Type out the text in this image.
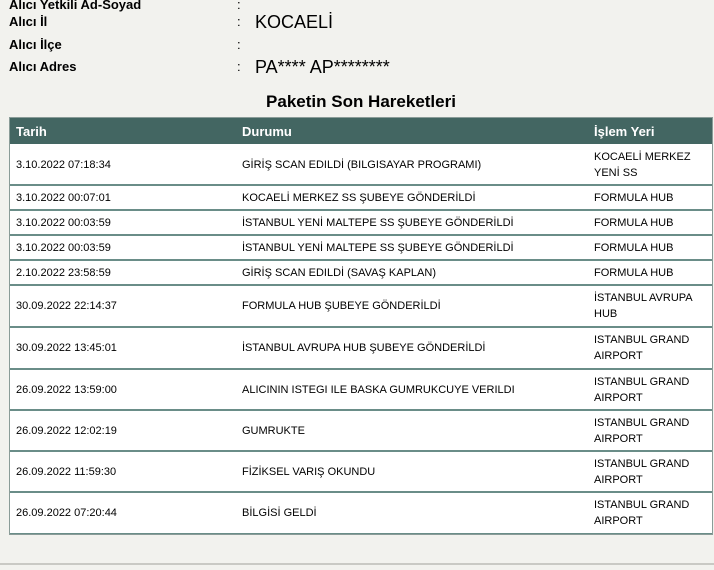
Alıcı Yetkili Ad-Soyad	:
Alıcı İl	: KOCAELİ
Alıcı İlçe	:
Alıcı Adres	: PA**** AP********
Paketin Son Hareketleri
Tarih	Durumu	İşlem Yeri
3.10.2022 07:18:34	GİRİŞ SCAN EDILDİ (BILGISAYAR PROGRAMI)	KOCAELİ MERKEZ YENİ SS
3.10.2022 00:07:01	KOCAELİ MERKEZ SS ŞUBEYE GÖNDERİLDİ	FORMULA HUB
3.10.2022 00:03:59	İSTANBUL YENİ MALTEPE SS ŞUBEYE GÖNDERİLDİ	FORMULA HUB
3.10.2022 00:03:59	İSTANBUL YENİ MALTEPE SS ŞUBEYE GÖNDERİLDİ	FORMULA HUB
2.10.2022 23:58:59	GİRİŞ SCAN EDILDİ (SAVAŞ KAPLAN)	FORMULA HUB
30.09.2022 22:14:37	FORMULA HUB ŞUBEYE GÖNDERİLDİ	İSTANBUL AVRUPA HUB
30.09.2022 13:45:01	İSTANBUL AVRUPA HUB ŞUBEYE GÖNDERİLDİ	ISTANBUL GRAND AIRPORT
26.09.2022 13:59:00	ALICININ ISTEGI ILE BASKA GUMRUKCUYE VERILDI	ISTANBUL GRAND AIRPORT
26.09.2022 12:02:19	GUMRUKTE	ISTANBUL GRAND AIRPORT
26.09.2022 11:59:30	FİZİKSEL VARIŞ OKUNDU	ISTANBUL GRAND AIRPORT
26.09.2022 07:20:44	BİLGİSİ GELDİ	ISTANBUL GRAND AIRPORT
